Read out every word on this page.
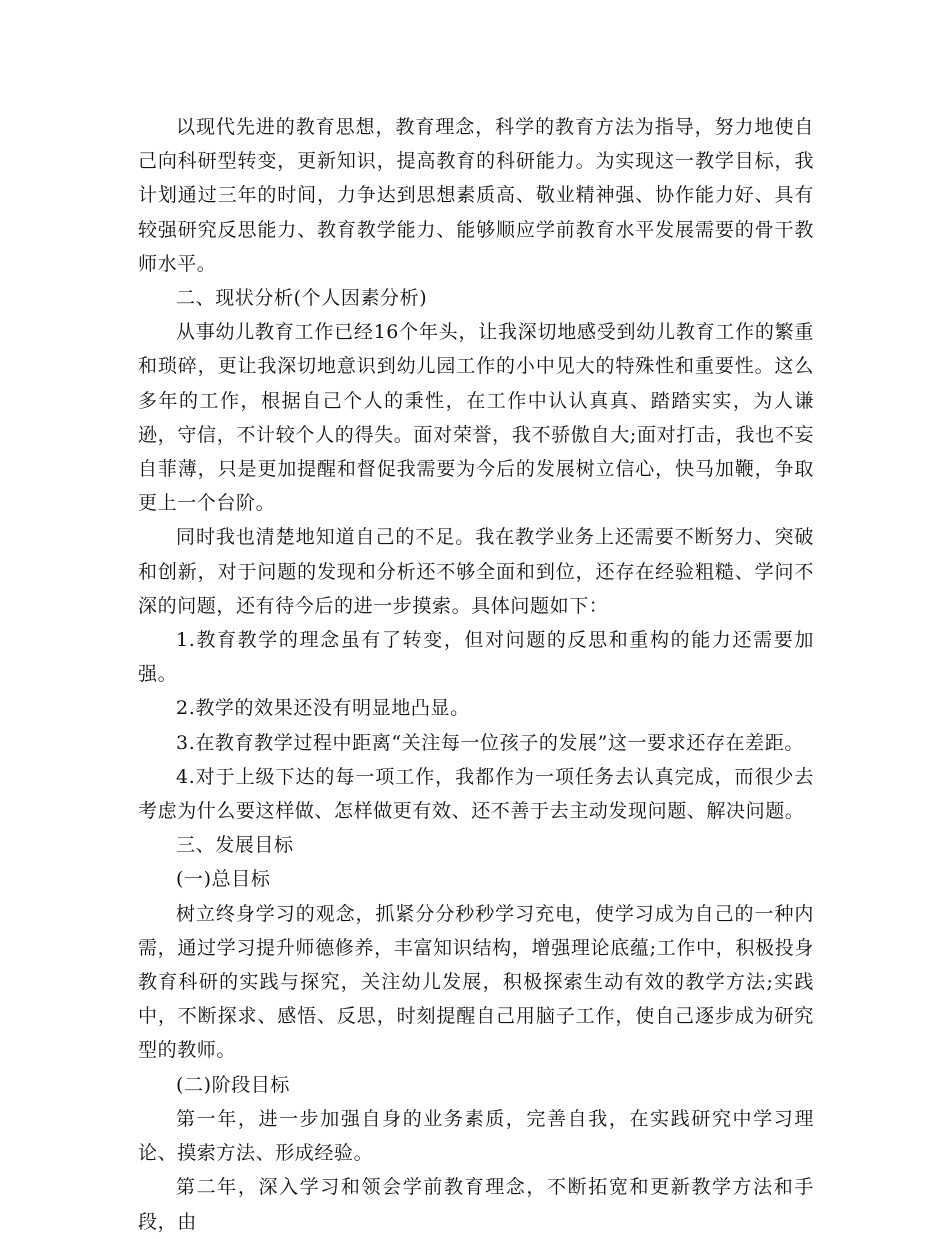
以现代先进的教育思想，教育理念，科学的教育方法为指导，努力地使自己向科研型转变，更新知识，提高教育的科研能力。为实现这一教学目标，我计划通过三年的时间，力争达到思想素质高、敬业精神强、协作能力好、具有较强研究反思能力、教育教学能力、能够顺应学前教育水平发展需要的骨干教师水平。

二、现状分析(个人因素分析)

从事幼儿教育工作已经16个年头，让我深切地感受到幼儿教育工作的繁重和琐碎，更让我深切地意识到幼儿园工作的小中见大的特殊性和重要性。这么多年的工作，根据自己个人的秉性，在工作中认认真真、踏踏实实，为人谦逊，守信，不计较个人的得失。面对荣誉，我不骄傲自大;面对打击，我也不妄自菲薄，只是更加提醒和督促我需要为今后的发展树立信心，快马加鞭，争取更上一个台阶。

同时我也清楚地知道自己的不足。我在教学业务上还需要不断努力、突破和创新，对于问题的发现和分析还不够全面和到位，还存在经验粗糙、学问不深的问题，还有待今后的进一步摸索。具体问题如下：

1.教育教学的理念虽有了转变，但对问题的反思和重构的能力还需要加强。

2.教学的效果还没有明显地凸显。

3.在教育教学过程中距离“关注每一位孩子的发展”这一要求还存在差距。

4.对于上级下达的每一项工作，我都作为一项任务去认真完成，而很少去考虑为什么要这样做、怎样做更有效、还不善于去主动发现问题、解决问题。

三、发展目标

(一)总目标

树立终身学习的观念，抓紧分分秒秒学习充电，使学习成为自己的一种内需，通过学习提升师德修养，丰富知识结构，增强理论底蕴;工作中，积极投身教育科研的实践与探究，关注幼儿发展，积极探索生动有效的教学方法;实践中，不断探求、感悟、反思，时刻提醒自己用脑子工作，使自己逐步成为研究型的教师。

(二)阶段目标

第一年，进一步加强自身的业务素质，完善自我，在实践研究中学习理论、摸索方法、形成经验。

第二年，深入学习和领会学前教育理念，不断拓宽和更新教学方法和手段，由
